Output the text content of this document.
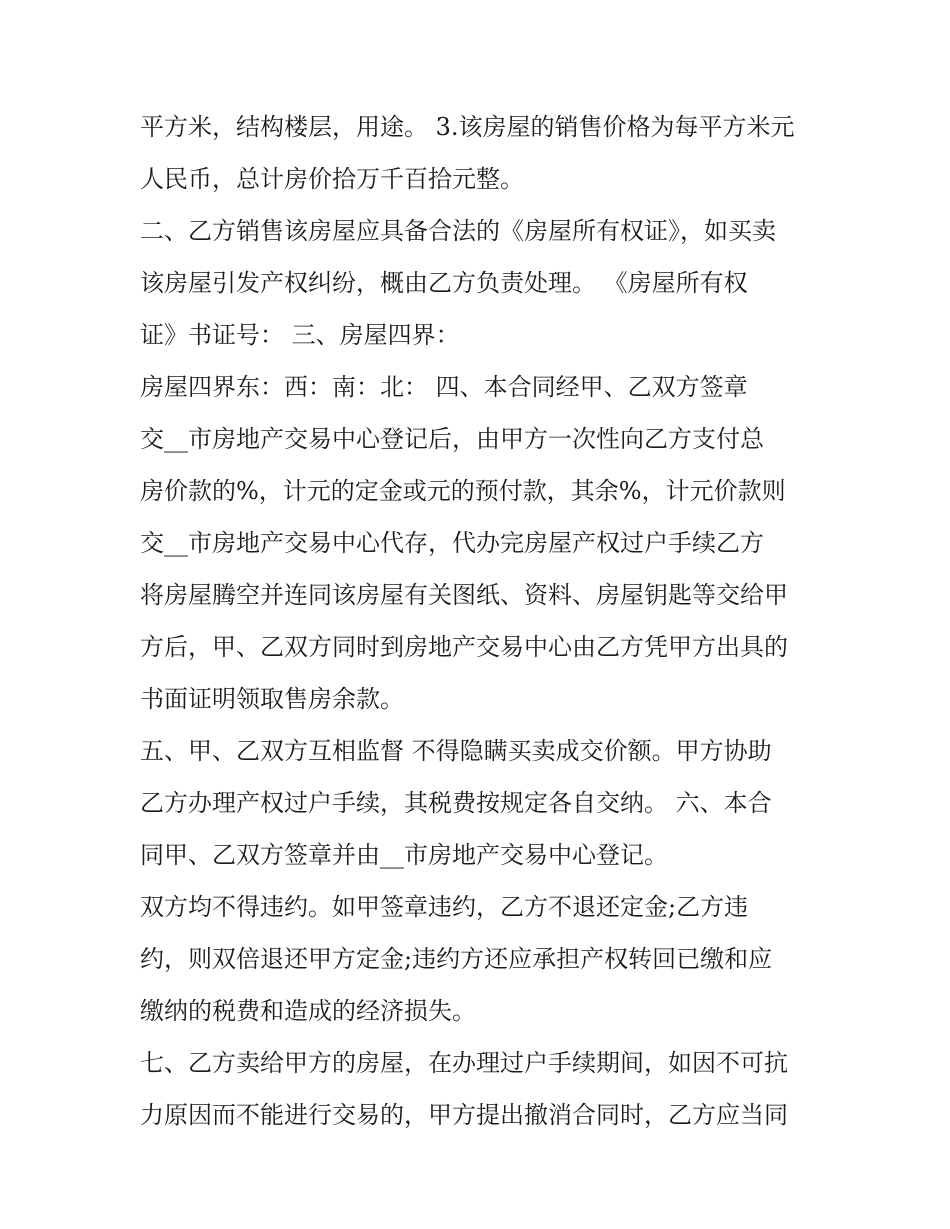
平方米，结构楼层，用途。 3.该房屋的销售价格为每平方米元
人民币，总计房价拾万千百拾元整。
二、乙方销售该房屋应具备合法的《房屋所有权证》，如买卖
该房屋引发产权纠纷，概由乙方负责处理。 《房屋所有权
证》书证号： 三、房屋四界：
房屋四界东：西：南：北： 四、本合同经甲、乙双方签章
交__市房地产交易中心登记后，由甲方一次性向乙方支付总
房价款的%，计元的定金或元的预付款，其余%，计元价款则
交__市房地产交易中心代存，代办完房屋产权过户手续乙方
将房屋腾空并连同该房屋有关图纸、资料、房屋钥匙等交给甲
方后，甲、乙双方同时到房地产交易中心由乙方凭甲方出具的
书面证明领取售房余款。
五、甲、乙双方互相监督 不得隐瞒买卖成交价额。甲方协助
乙方办理产权过户手续，其税费按规定各自交纳。 六、本合
同甲、乙双方签章并由__市房地产交易中心登记。
双方均不得违约。如甲签章违约，乙方不退还定金;乙方违
约，则双倍退还甲方定金;违约方还应承担产权转回已缴和应
缴纳的税费和造成的经济损失。
七、乙方卖给甲方的房屋，在办理过户手续期间，如因不可抗
力原因而不能进行交易的，甲方提出撤消合同时，乙方应当同
